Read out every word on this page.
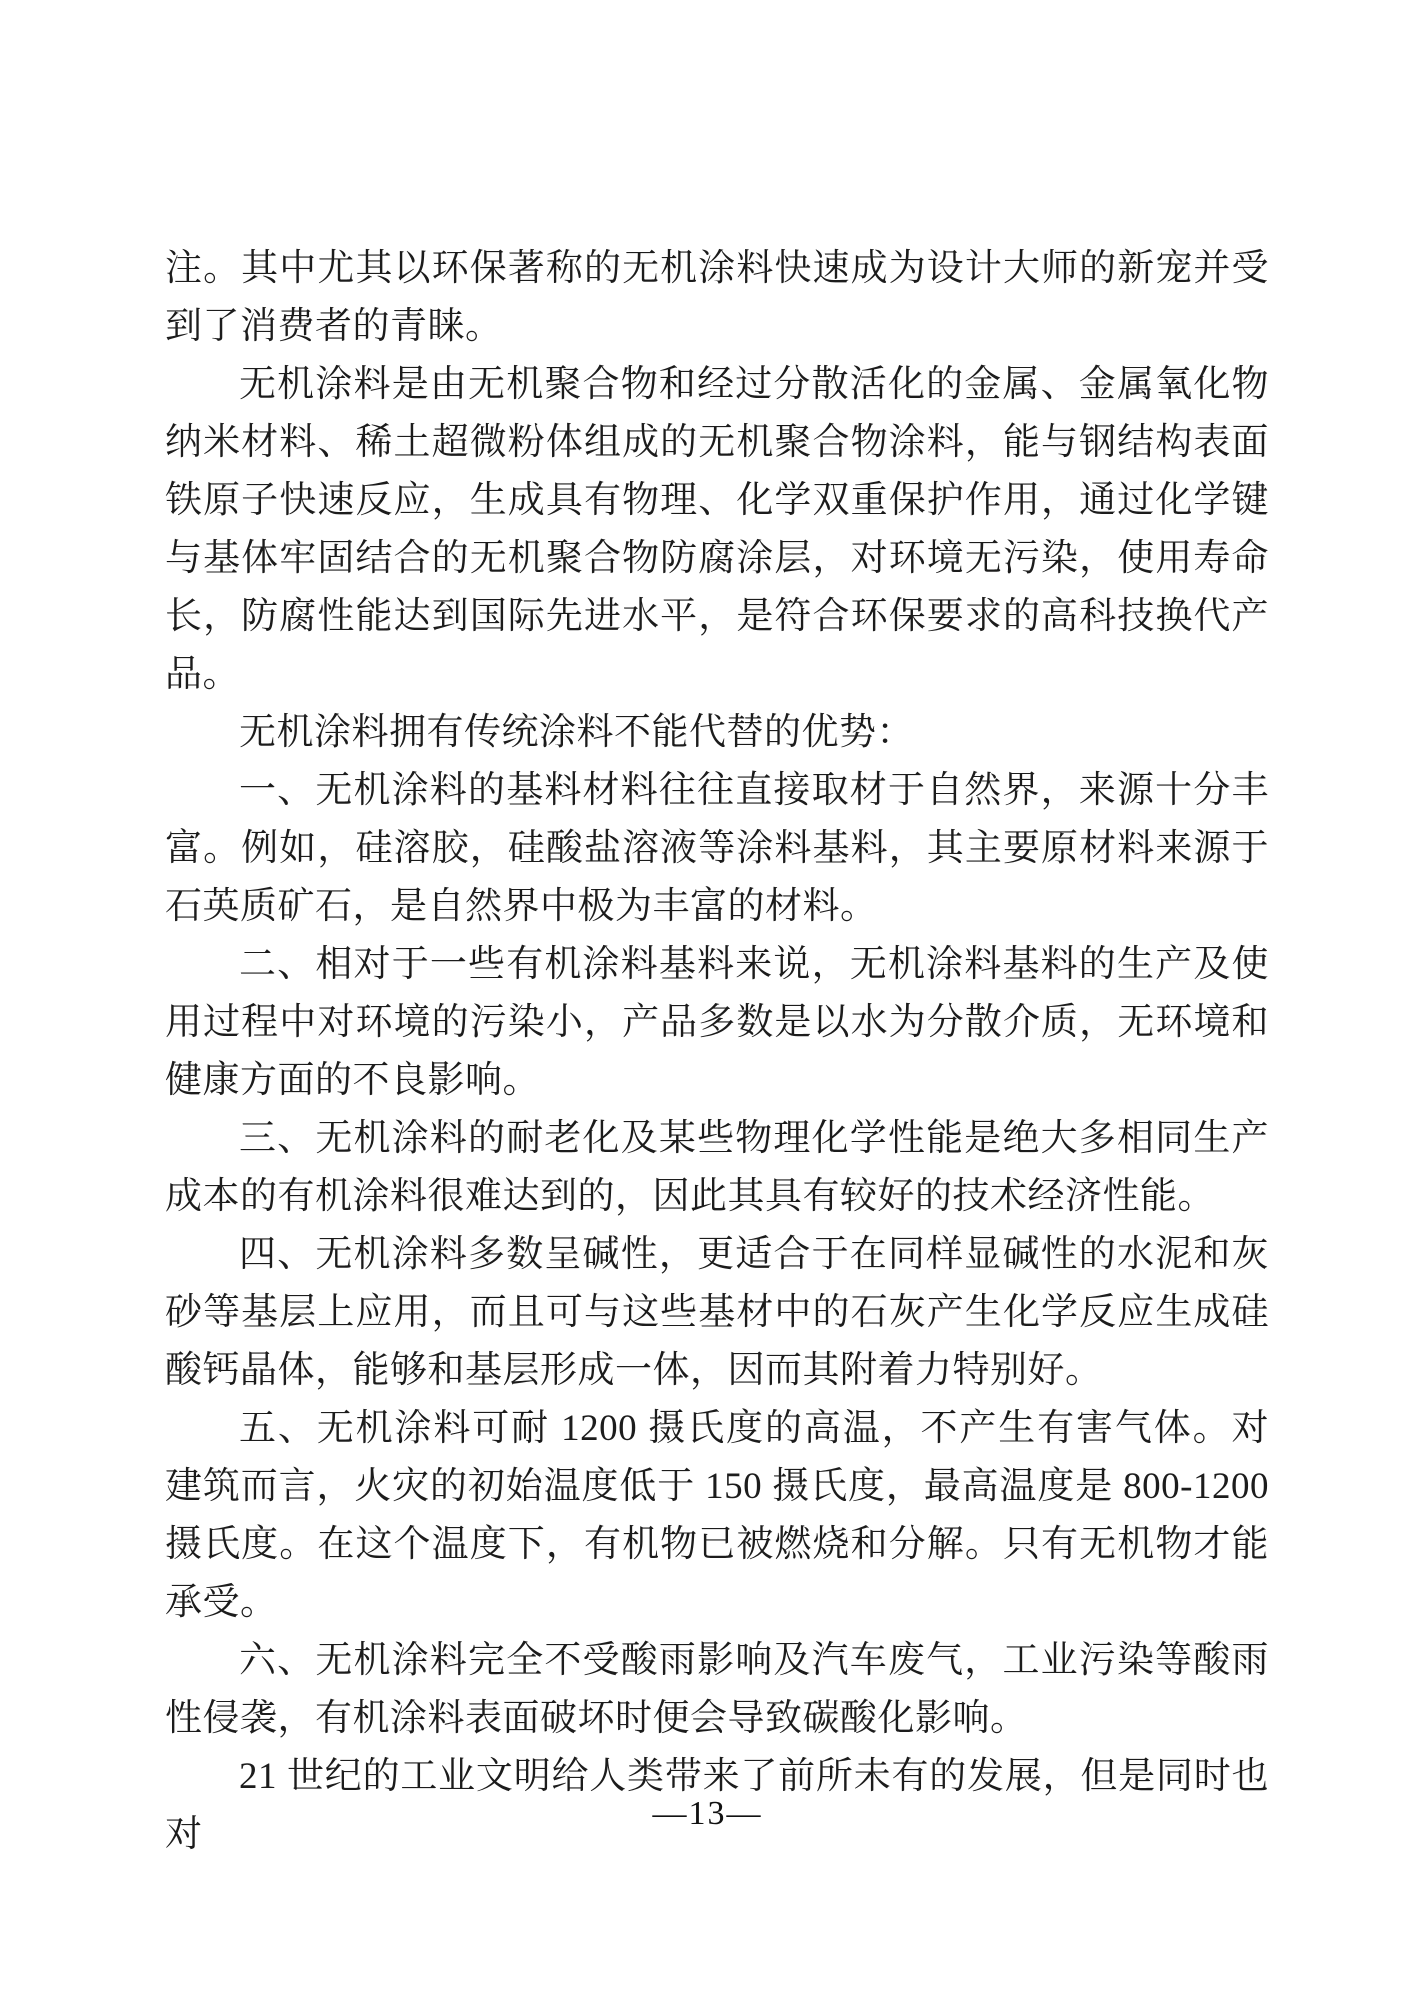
注。其中尤其以环保著称的无机涂料快速成为设计大师的新宠并受到了消费者的青睐。

无机涂料是由无机聚合物和经过分散活化的金属、金属氧化物纳米材料、稀土超微粉体组成的无机聚合物涂料，能与钢结构表面铁原子快速反应，生成具有物理、化学双重保护作用，通过化学键与基体牢固结合的无机聚合物防腐涂层，对环境无污染，使用寿命长，防腐性能达到国际先进水平，是符合环保要求的高科技换代产品。

无机涂料拥有传统涂料不能代替的优势：

一、无机涂料的基料材料往往直接取材于自然界，来源十分丰富。例如，硅溶胶，硅酸盐溶液等涂料基料，其主要原材料来源于石英质矿石，是自然界中极为丰富的材料。

二、相对于一些有机涂料基料来说，无机涂料基料的生产及使用过程中对环境的污染小，产品多数是以水为分散介质，无环境和健康方面的不良影响。

三、无机涂料的耐老化及某些物理化学性能是绝大多相同生产成本的有机涂料很难达到的，因此其具有较好的技术经济性能。

四、无机涂料多数呈碱性，更适合于在同样显碱性的水泥和灰砂等基层上应用，而且可与这些基材中的石灰产生化学反应生成硅酸钙晶体，能够和基层形成一体，因而其附着力特别好。

五、无机涂料可耐 1200 摄氏度的高温，不产生有害气体。对建筑而言，火灾的初始温度低于 150 摄氏度，最高温度是 800-1200 摄氏度。在这个温度下，有机物已被燃烧和分解。只有无机物才能承受。

六、无机涂料完全不受酸雨影响及汽车废气，工业污染等酸雨性侵袭，有机涂料表面破坏时便会导致碳酸化影响。

21 世纪的工业文明给人类带来了前所未有的发展，但是同时也对

—13—
